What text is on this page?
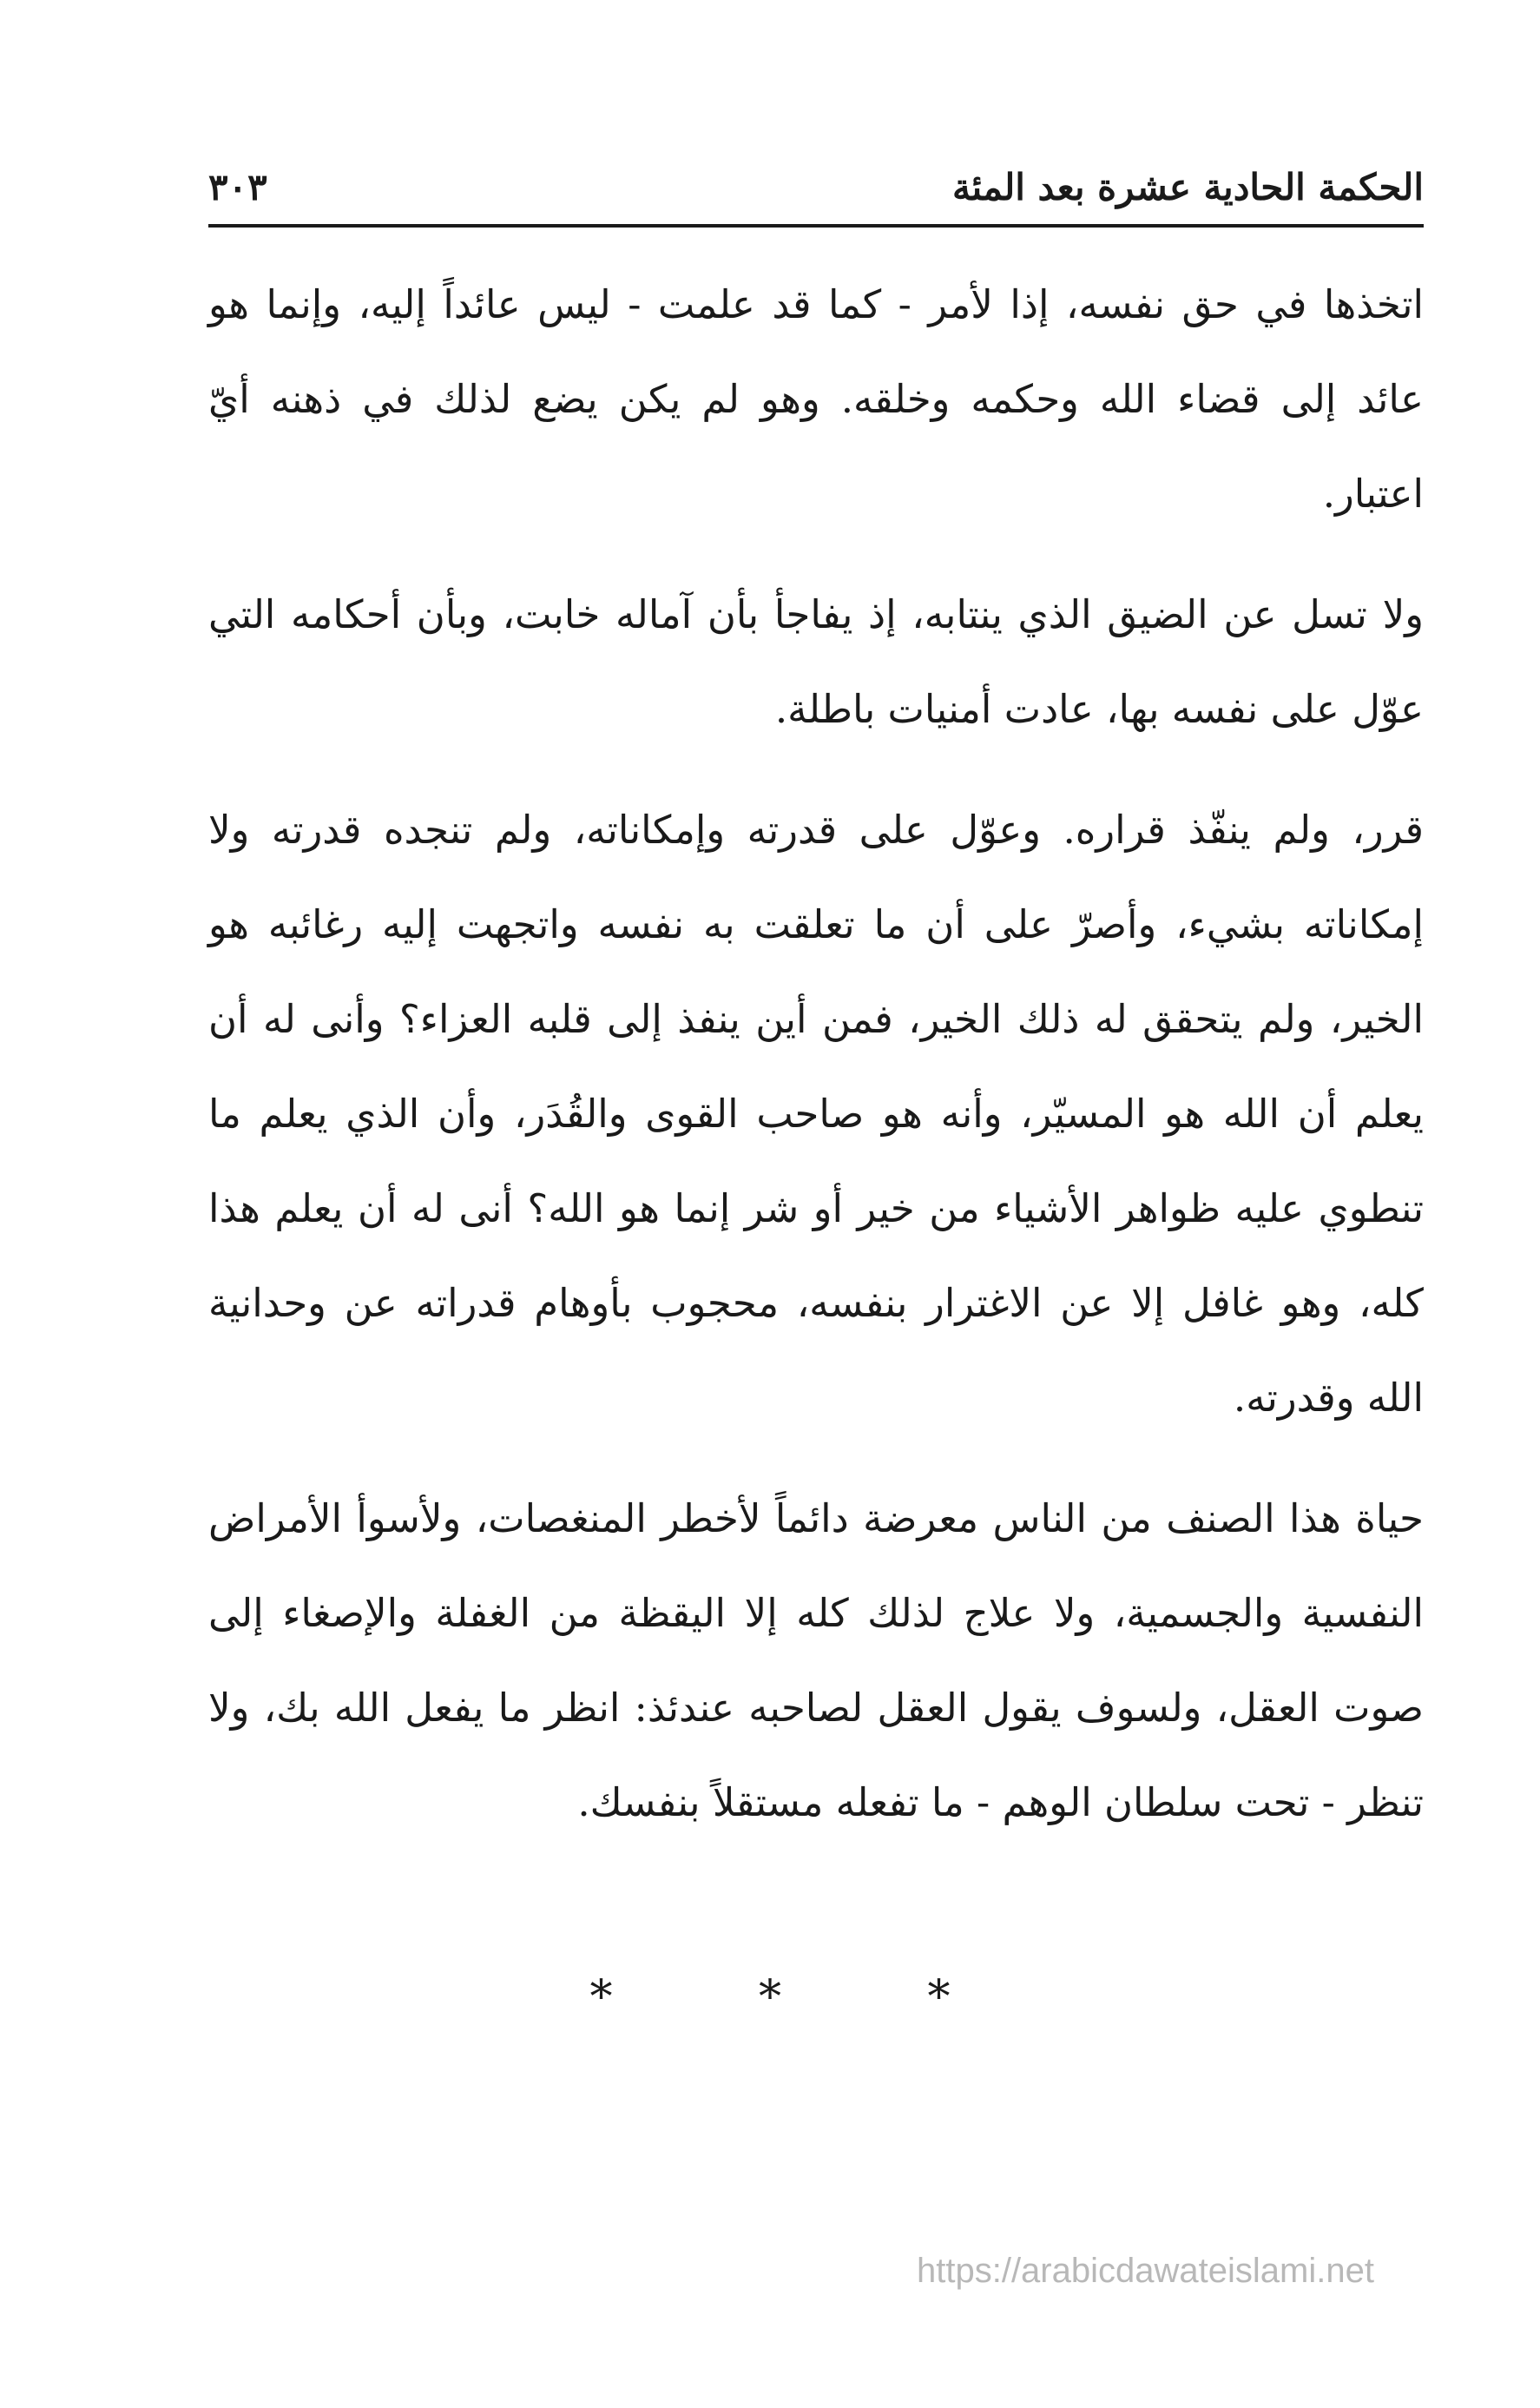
الحكمة الحادية عشرة بعد المئة
٣٠٣

اتخذها في حق نفسه، إذا لأمر - كما قد علمت - ليس عائداً إليه، وإنما هو عائد إلى قضاء الله وحكمه وخلقه. وهو لم يكن يضع لذلك في ذهنه أيّ اعتبار.

ولا تسل عن الضيق الذي ينتابه، إذ يفاجأ بأن آماله خابت، وبأن أحكامه التي عوّل على نفسه بها، عادت أمنيات باطلة.

قرر، ولم ينفّذ قراره. وعوّل على قدرته وإمكاناته، ولم تنجده قدرته ولا إمكاناته بشيء، وأصرّ على أن ما تعلقت به نفسه واتجهت إليه رغائبه هو الخير، ولم يتحقق له ذلك الخير، فمن أين ينفذ إلى قلبه العزاء؟ وأنى له أن يعلم أن الله هو المسيّر، وأنه هو صاحب القوى والقُدَر، وأن الذي يعلم ما تنطوي عليه ظواهر الأشياء من خير أو شر إنما هو الله؟ أنى له أن يعلم هذا كله، وهو غافل إلا عن الاغترار بنفسه، محجوب بأوهام قدراته عن وحدانية الله وقدرته.

حياة هذا الصنف من الناس معرضة دائماً لأخطر المنغصات، ولأسوأ الأمراض النفسية والجسمية، ولا علاج لذلك كله إلا اليقظة من الغفلة والإصغاء إلى صوت العقل، ولسوف يقول العقل لصاحبه عندئذ: انظر ما يفعل الله بك، ولا تنظر - تحت سلطان الوهم - ما تفعله مستقلاً بنفسك.

* * *
https://arabicdawateislami.net
